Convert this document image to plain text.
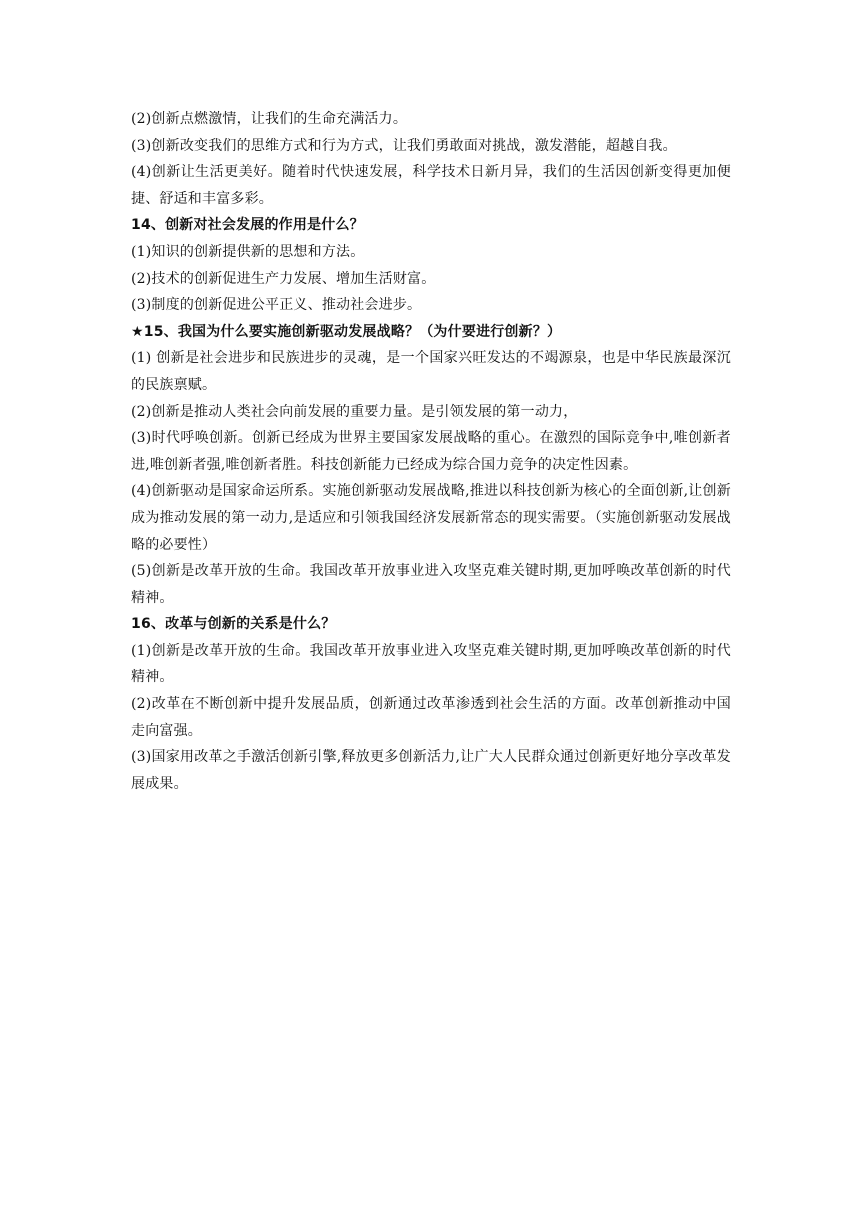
(2)创新点燃激情，让我们的生命充满活力。

(3)创新改变我们的思维方式和行为方式，让我们勇敢面对挑战，激发潜能，超越自我。

(4)创新让生活更美好。随着时代快速发展，科学技术日新月异，我们的生活因创新变得更加便捷、舒适和丰富多彩。

14、创新对社会发展的作用是什么？

(1)知识的创新提供新的思想和方法。

(2)技术的创新促进生产力发展、增加生活财富。

(3)制度的创新促进公平正义、推动社会进步。

★15、我国为什么要实施创新驱动发展战略？（为什要进行创新？）

(1) 创新是社会进步和民族进步的灵魂，是一个国家兴旺发达的不竭源泉，也是中华民族最深沉的民族禀赋。

(2)创新是推动人类社会向前发展的重要力量。是引领发展的第一动力，

(3)时代呼唤创新。创新已经成为世界主要国家发展战略的重心。在激烈的国际竞争中,唯创新者进,唯创新者强,唯创新者胜。科技创新能力已经成为综合国力竞争的决定性因素。

(4)创新驱动是国家命运所系。实施创新驱动发展战略,推进以科技创新为核心的全面创新,让创新成为推动发展的第一动力,是适应和引领我国经济发展新常态的现实需要。（实施创新驱动发展战略的必要性）

(5)创新是改革开放的生命。我国改革开放事业进入攻坚克难关键时期,更加呼唤改革创新的时代精神。

16、改革与创新的关系是什么？

(1)创新是改革开放的生命。我国改革开放事业进入攻坚克难关键时期,更加呼唤改革创新的时代精神。

(2)改革在不断创新中提升发展品质，创新通过改革渗透到社会生活的方面。改革创新推动中国走向富强。

(3)国家用改革之手激活创新引擎,释放更多创新活力,让广大人民群众通过创新更好地分享改革发展成果。
